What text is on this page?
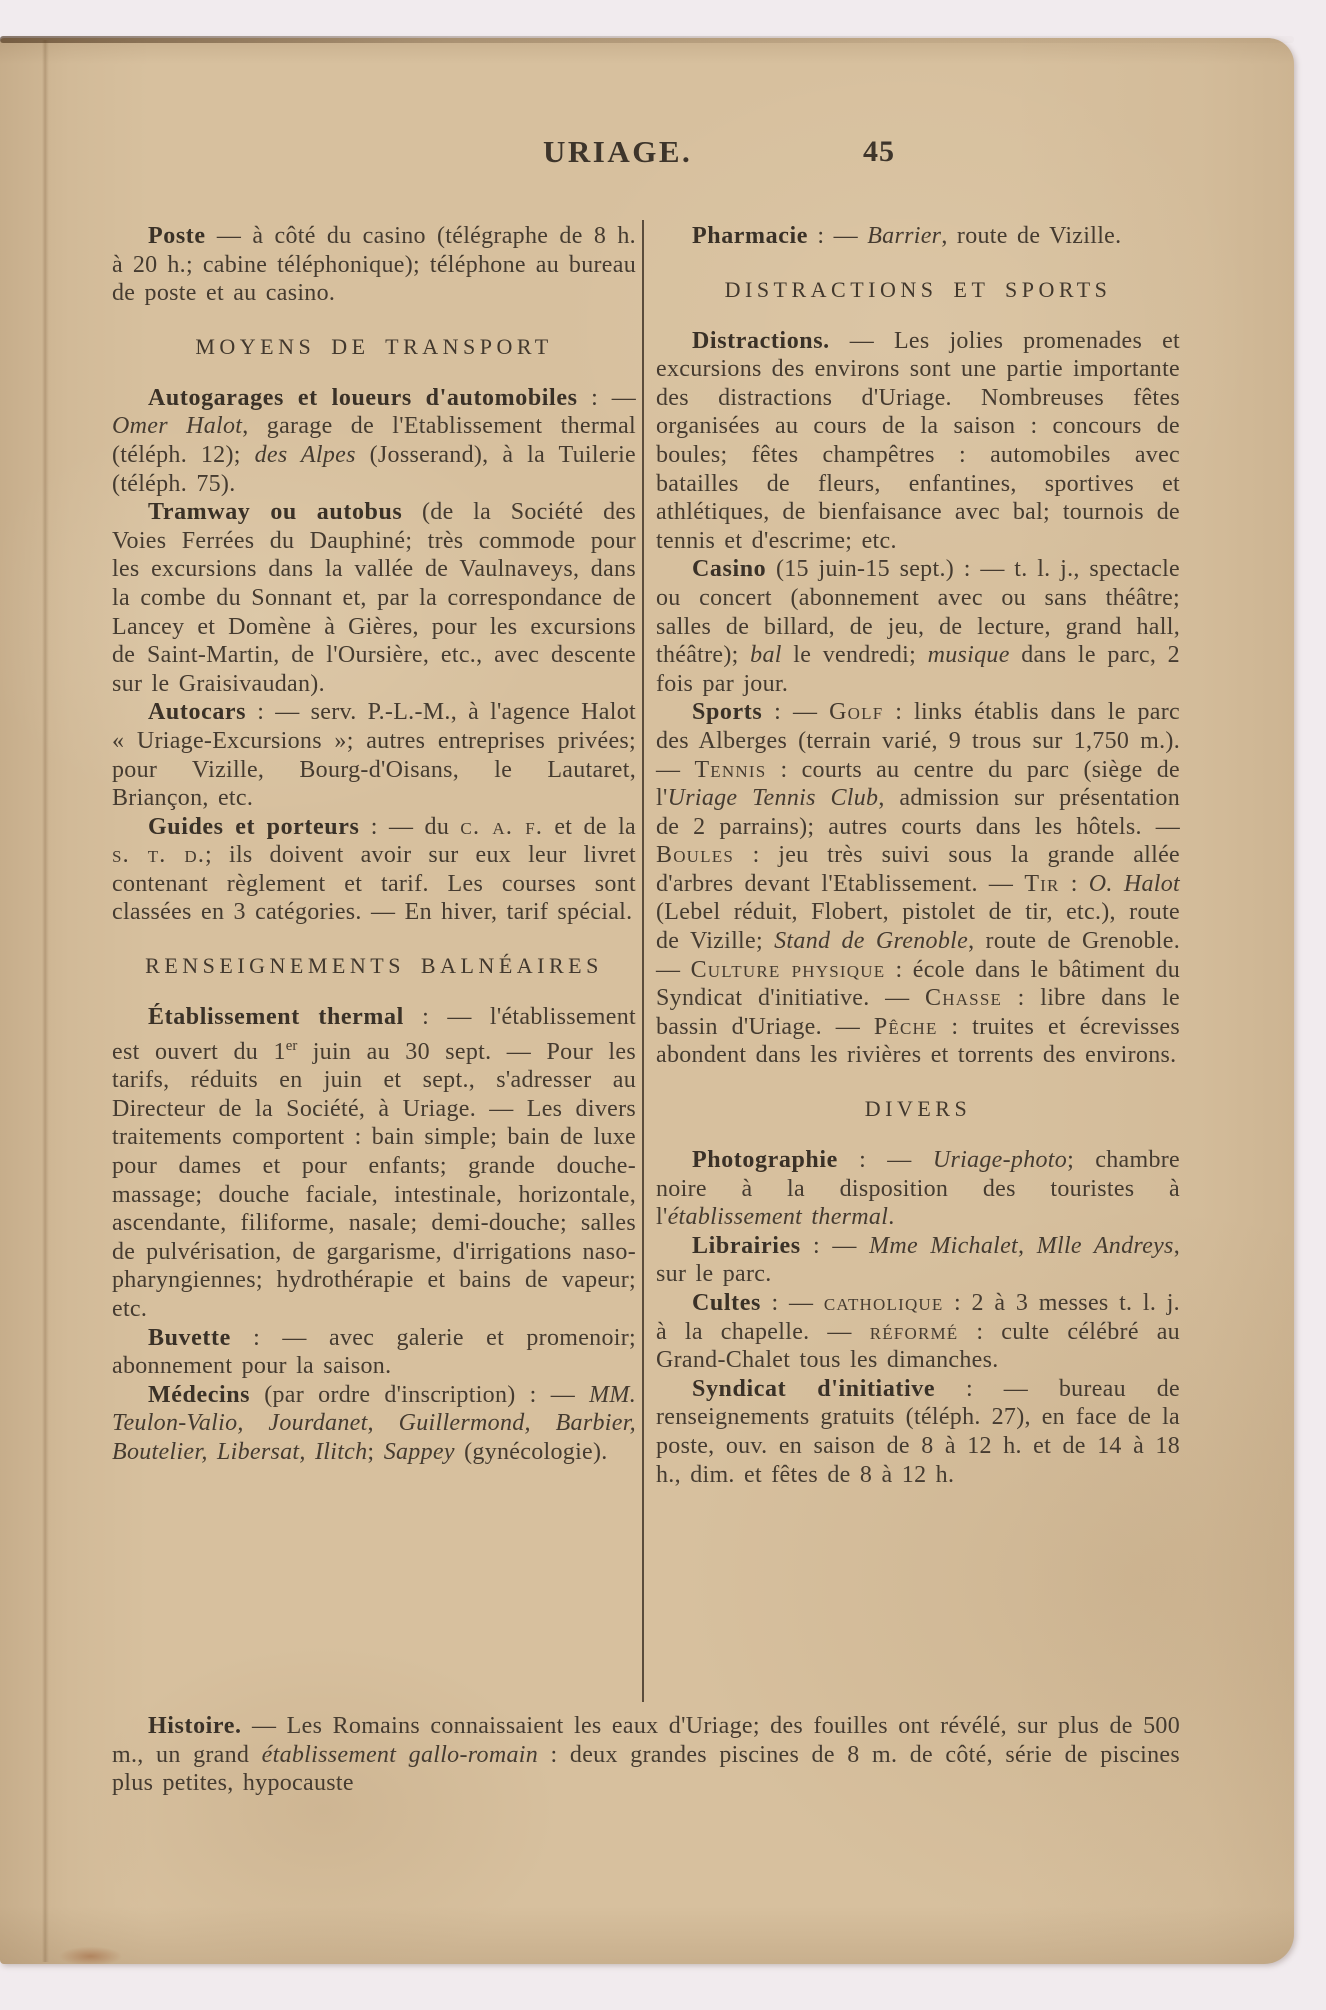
URIAGE.	45

Poste — à côté du casino (télégraphe de 8 h. à 20 h.; cabine téléphonique); téléphone au bureau de poste et au casino.

MOYENS DE TRANSPORT

Autogarages et loueurs d'automobiles : — Omer Halot, garage de l'Etablissement thermal (téléph. 12); des Alpes (Josserand), à la Tuilerie (téléph. 75).

Tramway ou autobus (de la Société des Voies Ferrées du Dauphiné; très commode pour les excursions dans la vallée de Vaulnaveys, dans la combe du Sonnant et, par la correspondance de Lancey et Domène à Gières, pour les excursions de Saint-Martin, de l'Oursière, etc., avec descente sur le Graisivaudan).

Autocars : — serv. P.-L.-M., à l'agence Halot « Uriage-Excursions »; autres entreprises privées; pour Vizille, Bourg-d'Oisans, le Lautaret, Briançon, etc.

Guides et porteurs : — du c. a. f. et de la s. t. d.; ils doivent avoir sur eux leur livret contenant règlement et tarif. Les courses sont classées en 3 catégories. — En hiver, tarif spécial.

RENSEIGNEMENTS BALNÉAIRES

Établissement thermal : — l'établissement est ouvert du 1er juin au 30 sept. — Pour les tarifs, réduits en juin et sept., s'adresser au Directeur de la Société, à Uriage. — Les divers traitements comportent : bain simple; bain de luxe pour dames et pour enfants; grande douche-massage; douche faciale, intestinale, horizontale, ascendante, filiforme, nasale; demi-douche; salles de pulvérisation, de gargarisme, d'irrigations naso-pharyngiennes; hydrothérapie et bains de vapeur; etc.

Buvette : — avec galerie et promenoir; abonnement pour la saison.

Médecins (par ordre d'inscription) : — MM. Teulon-Valio, Jourdanet, Guillermond, Barbier, Boutelier, Libersat, Ilitch; Sappey (gynécologie).

Pharmacie : — Barrier, route de Vizille.

DISTRACTIONS ET SPORTS

Distractions. — Les jolies promenades et excursions des environs sont une partie importante des distractions d'Uriage. Nombreuses fêtes organisées au cours de la saison : concours de boules; fêtes champêtres : automobiles avec batailles de fleurs, enfantines, sportives et athlétiques, de bienfaisance avec bal; tournois de tennis et d'escrime; etc.

Casino (15 juin-15 sept.) : — t. l. j., spectacle ou concert (abonnement avec ou sans théâtre; salles de billard, de jeu, de lecture, grand hall, théâtre); bal le vendredi; musique dans le parc, 2 fois par jour.

Sports : — Golf : links établis dans le parc des Alberges (terrain varié, 9 trous sur 1,750 m.). — Tennis : courts au centre du parc (siège de l'Uriage Tennis Club, admission sur présentation de 2 parrains); autres courts dans les hôtels. — Boules : jeu très suivi sous la grande allée d'arbres devant l'Etablissement. — Tir : O. Halot (Lebel réduit, Flobert, pistolet de tir, etc.), route de Vizille; Stand de Grenoble, route de Grenoble. — Culture physique : école dans le bâtiment du Syndicat d'initiative. — Chasse : libre dans le bassin d'Uriage. — Pêche : truites et écrevisses abondent dans les rivières et torrents des environs.

DIVERS

Photographie : — Uriage-photo; chambre noire à la disposition des touristes à l'établissement thermal.

Librairies : — Mme Michalet, Mlle Andreys, sur le parc.

Cultes : — catholique : 2 à 3 messes t. l. j. à la chapelle. — réformé : culte célébré au Grand-Chalet tous les dimanches.

Syndicat d'initiative : — bureau de renseignements gratuits (téléph. 27), en face de la poste, ouv. en saison de 8 à 12 h. et de 14 à 18 h., dim. et fêtes de 8 à 12 h.

Histoire. — Les Romains connaissaient les eaux d'Uriage; des fouilles ont révélé, sur plus de 500 m., un grand établissement gallo-romain : deux grandes piscines de 8 m. de côté, série de piscines plus petites, hypocauste
